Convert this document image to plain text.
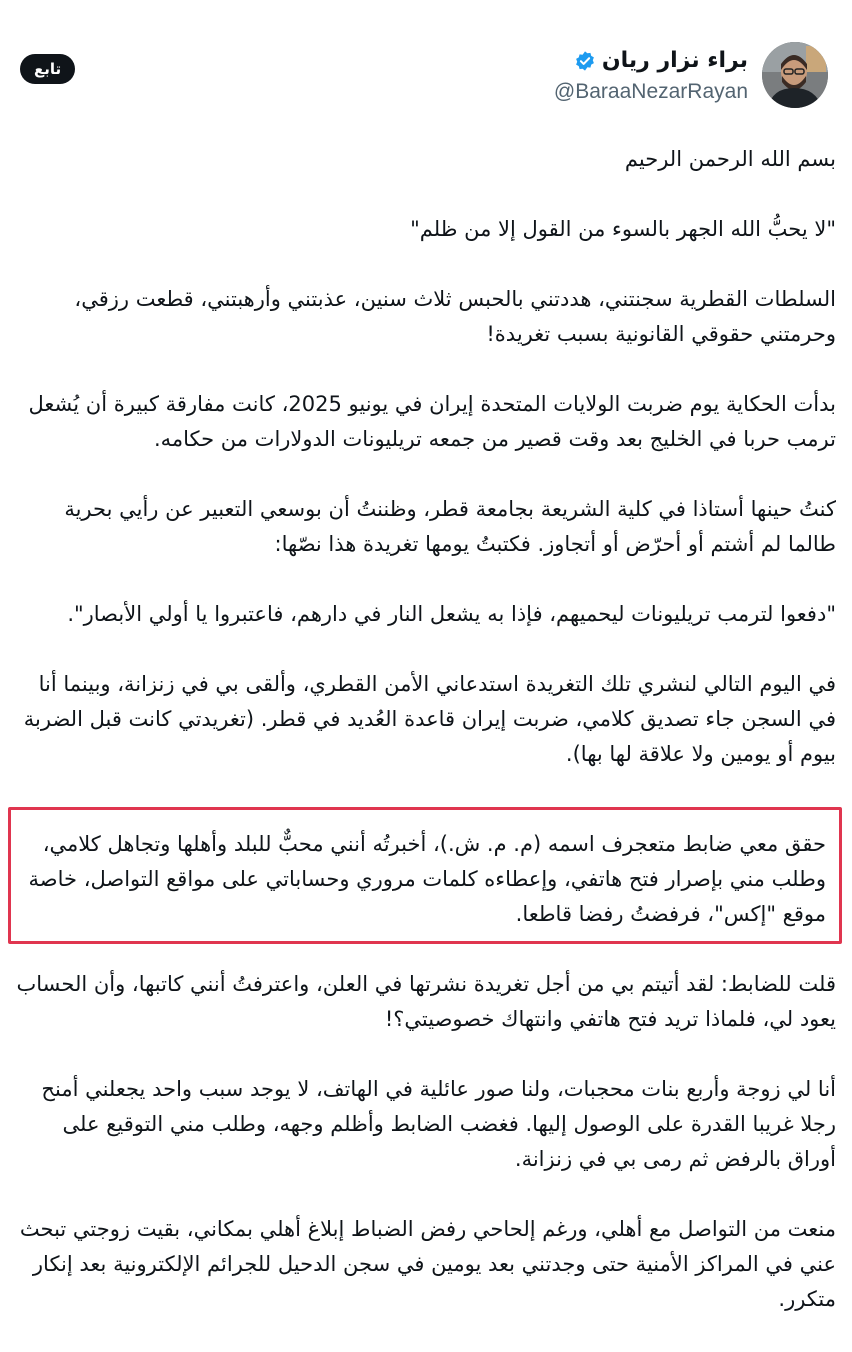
براء نزار ريان
@BaraaNezarRayan
تابع

بسم الله الرحمن الرحيم

"لا يحبُّ الله الجهر بالسوء من القول إلا من ظلم"

السلطات القطرية سجنتني، هددتني بالحبس ثلاث سنين، عذبتني وأرهبتني، قطعت رزقي، وحرمتني حقوقي القانونية بسبب تغريدة!

بدأت الحكاية يوم ضربت الولايات المتحدة إيران في يونيو 2025، كانت مفارقة كبيرة أن يُشعل ترمب حربا في الخليج بعد وقت قصير من جمعه تريليونات الدولارات من حكامه.

كنتُ حينها أستاذا في كلية الشريعة بجامعة قطر، وظننتُ أن بوسعي التعبير عن رأيي بحرية طالما لم أشتم أو أحرّض أو أتجاوز. فكتبتُ يومها تغريدة هذا نصّها:

"دفعوا لترمب تريليونات ليحميهم، فإذا به يشعل النار في دارهم، فاعتبروا يا أولي الأبصار".

في اليوم التالي لنشري تلك التغريدة استدعاني الأمن القطري، وألقى بي في زنزانة، وبينما أنا في السجن جاء تصديق كلامي، ضربت إيران قاعدة العُديد في قطر. (تغريدتي كانت قبل الضربة بيوم أو يومين ولا علاقة لها بها).

حقق معي ضابط متعجرف اسمه (م. م. ش.)، أخبرتُه أنني محبٌّ للبلد وأهلها وتجاهل كلامي، وطلب مني بإصرار فتح هاتفي، وإعطاءه كلمات مروري وحساباتي على مواقع التواصل، خاصة موقع "إكس"، فرفضتُ رفضا قاطعا.

قلت للضابط: لقد أتيتم بي من أجل تغريدة نشرتها في العلن، واعترفتُ أنني كاتبها، وأن الحساب يعود لي، فلماذا تريد فتح هاتفي وانتهاك خصوصيتي؟!

أنا لي زوجة وأربع بنات محجبات، ولنا صور عائلية في الهاتف، لا يوجد سبب واحد يجعلني أمنح رجلا غريبا القدرة على الوصول إليها. فغضب الضابط وأظلم وجهه، وطلب مني التوقيع على أوراق بالرفض ثم رمى بي في زنزانة.

منعت من التواصل مع أهلي، ورغم إلحاحي رفض الضباط إبلاغ أهلي بمكاني، بقيت زوجتي تبحث عني في المراكز الأمنية حتى وجدتني بعد يومين في سجن الدحيل للجرائم الإلكترونية بعد إنكار متكرر.
